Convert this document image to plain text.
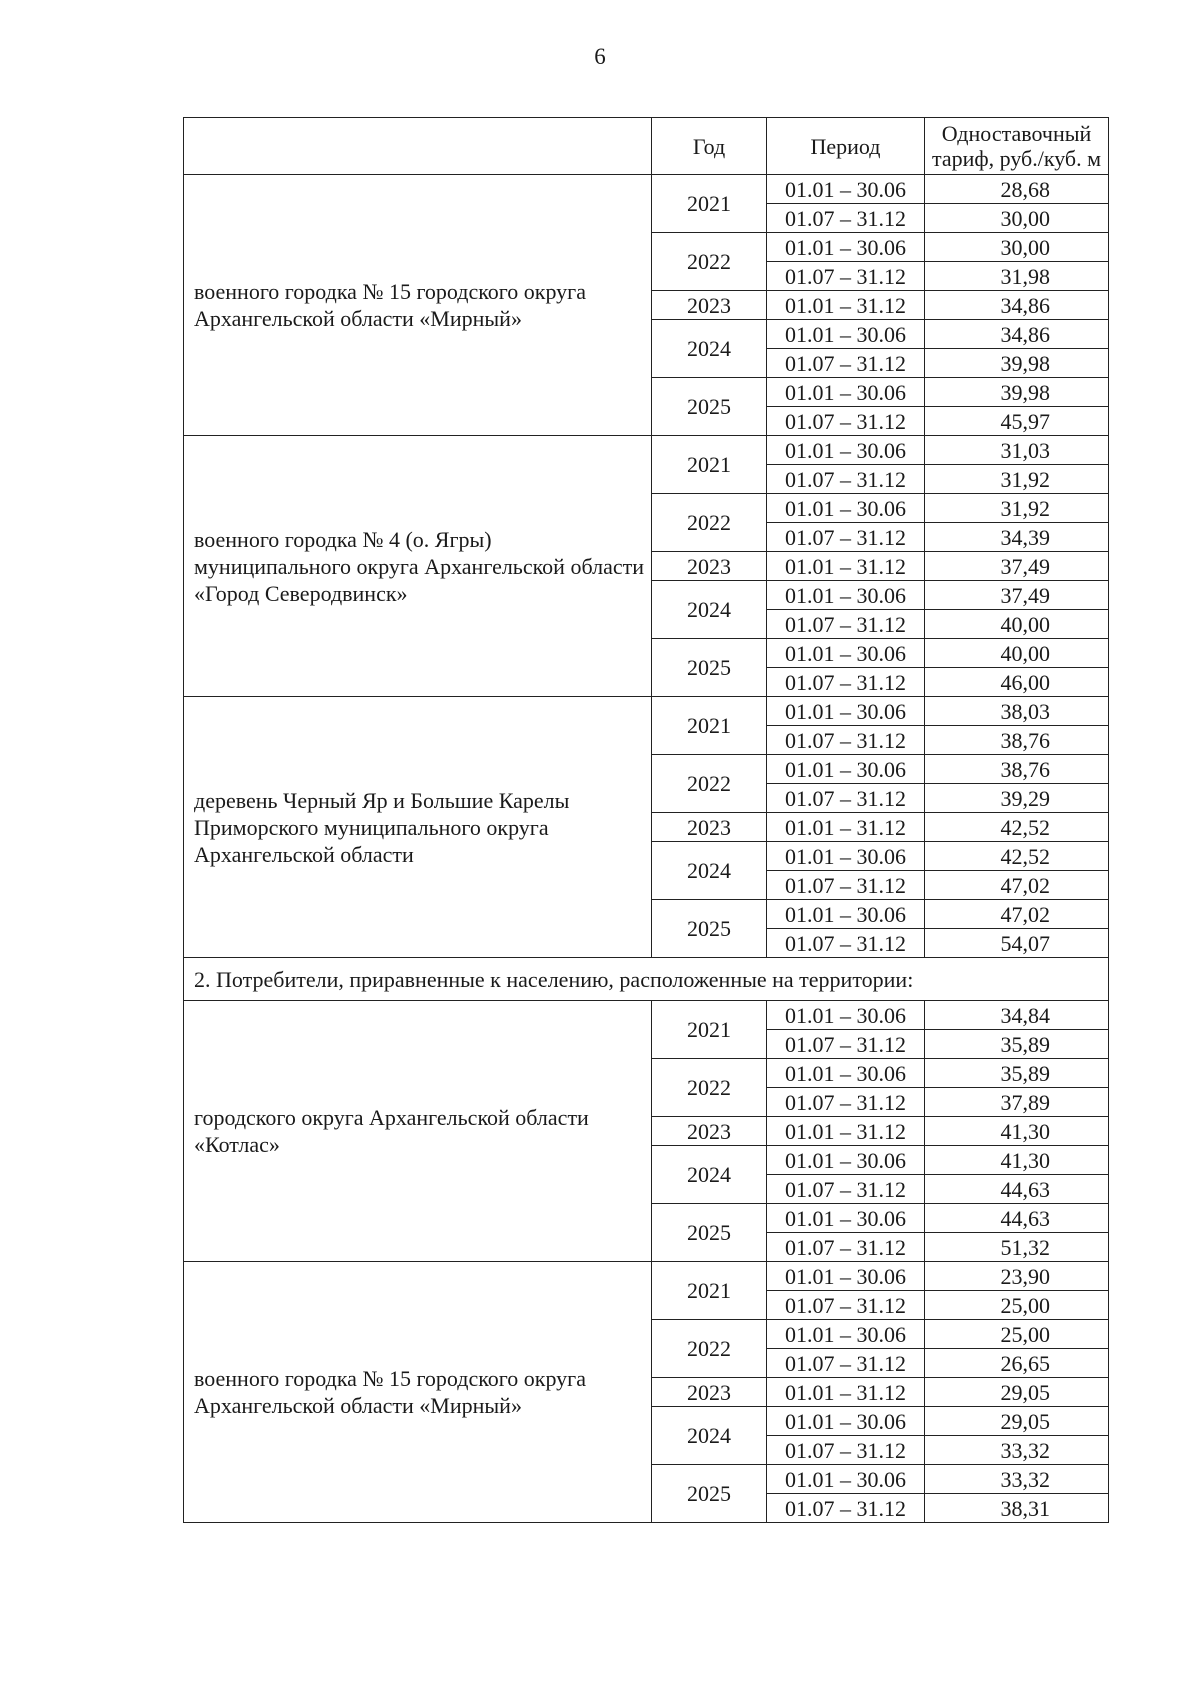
6
	Год	Период	Одноставочный
тариф, руб./куб. м

военного городка № 15 городского округа Архангельской области «Мирный»	2021	01.01 – 30.06	28,68
		01.07 – 31.12	30,00
	2022	01.01 – 30.06	30,00
		01.07 – 31.12	31,98
	2023	01.01 – 31.12	34,86
	2024	01.01 – 30.06	34,86
		01.07 – 31.12	39,98
	2025	01.01 – 30.06	39,98
		01.07 – 31.12	45,97

военного городка № 4 (о. Ягры) муниципального округа Архангельской области «Город Северодвинск»	2021	01.01 – 30.06	31,03
		01.07 – 31.12	31,92
	2022	01.01 – 30.06	31,92
		01.07 – 31.12	34,39
	2023	01.01 – 31.12	37,49
	2024	01.01 – 30.06	37,49
		01.07 – 31.12	40,00
	2025	01.01 – 30.06	40,00
		01.07 – 31.12	46,00

деревень Черный Яр и Большие Карелы Приморского муниципального округа Архангельской области	2021	01.01 – 30.06	38,03
		01.07 – 31.12	38,76
	2022	01.01 – 30.06	38,76
		01.07 – 31.12	39,29
	2023	01.01 – 31.12	42,52
	2024	01.01 – 30.06	42,52
		01.07 – 31.12	47,02
	2025	01.01 – 30.06	47,02
		01.07 – 31.12	54,07
2. Потребители, приравненные к населению, расположенные на территории:			

городского округа Архангельской области «Котлас»	2021	01.01 – 30.06	34,84
		01.07 – 31.12	35,89
	2022	01.01 – 30.06	35,89
		01.07 – 31.12	37,89
	2023	01.01 – 31.12	41,30
	2024	01.01 – 30.06	41,30
		01.07 – 31.12	44,63
	2025	01.01 – 30.06	44,63
		01.07 – 31.12	51,32

военного городка № 15 городского округа Архангельской области «Мирный»	2021	01.01 – 30.06	23,90
		01.07 – 31.12	25,00
	2022	01.01 – 30.06	25,00
		01.07 – 31.12	26,65
	2023	01.01 – 31.12	29,05
	2024	01.01 – 30.06	29,05
		01.07 – 31.12	33,32
	2025	01.01 – 30.06	33,32
		01.07 – 31.12	38,31
